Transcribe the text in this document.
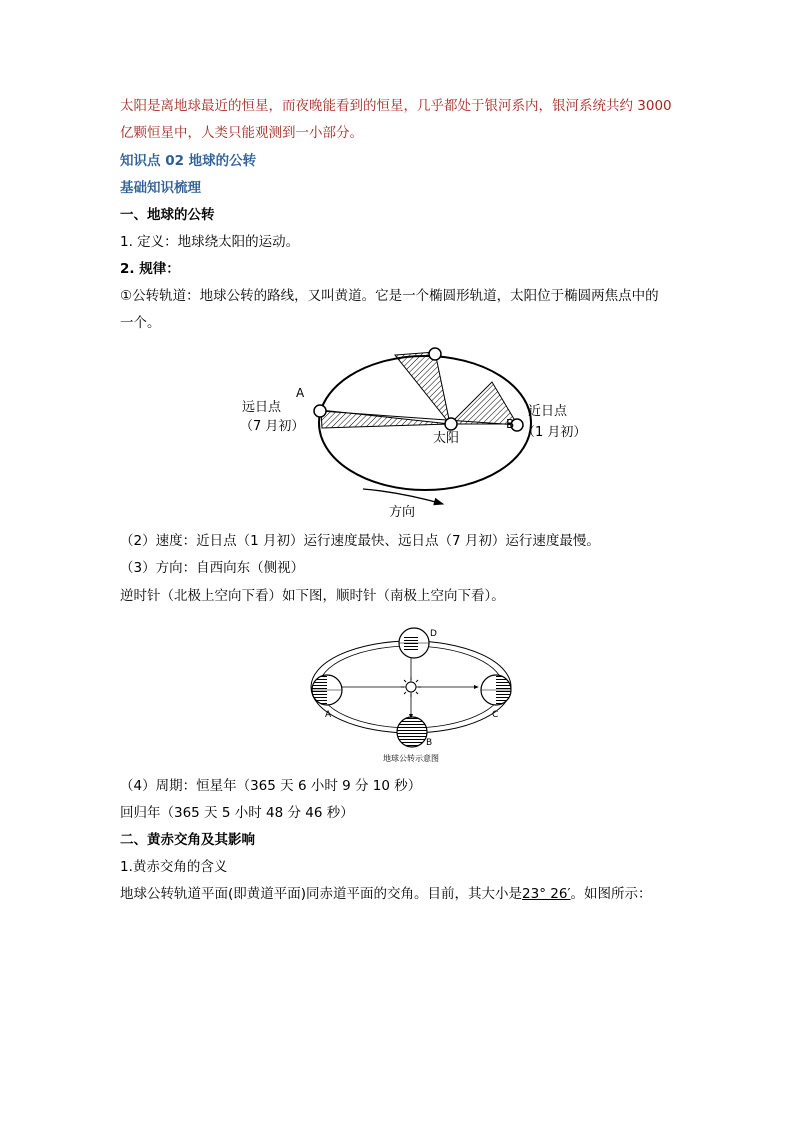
太阳是离地球最近的恒星，而夜晚能看到的恒星，几乎都处于银河系内，银河系统共约 3000

亿颗恒星中，人类只能观测到一小部分。

知识点 02 地球的公转

基础知识梳理

一、地球的公转

1. 定义：地球绕太阳的运动。

2. 规律：

①公转轨道：地球公转的路线，又叫黄道。它是一个椭圆形轨道，太阳位于椭圆两焦点中的

一个。

A
B
远日点
（7 月初）
近日点
（1 月初）
太阳
方向

（2）速度：近日点（1 月初）运行速度最快、远日点（7 月初）运行速度最慢。

（3）方向：自西向东（侧视）

逆时针（北极上空向下看）如下图，顺时针（南极上空向下看）。

A
B
C
D
地球公转示意图

（4）周期：恒星年（365 天 6 小时 9 分 10 秒）

回归年（365 天 5 小时 48 分 46 秒）

二、黄赤交角及其影响

1.黄赤交角的含义

地球公转轨道平面(即黄道平面)同赤道平面的交角。目前，其大小是23° 26′。如图所示：
